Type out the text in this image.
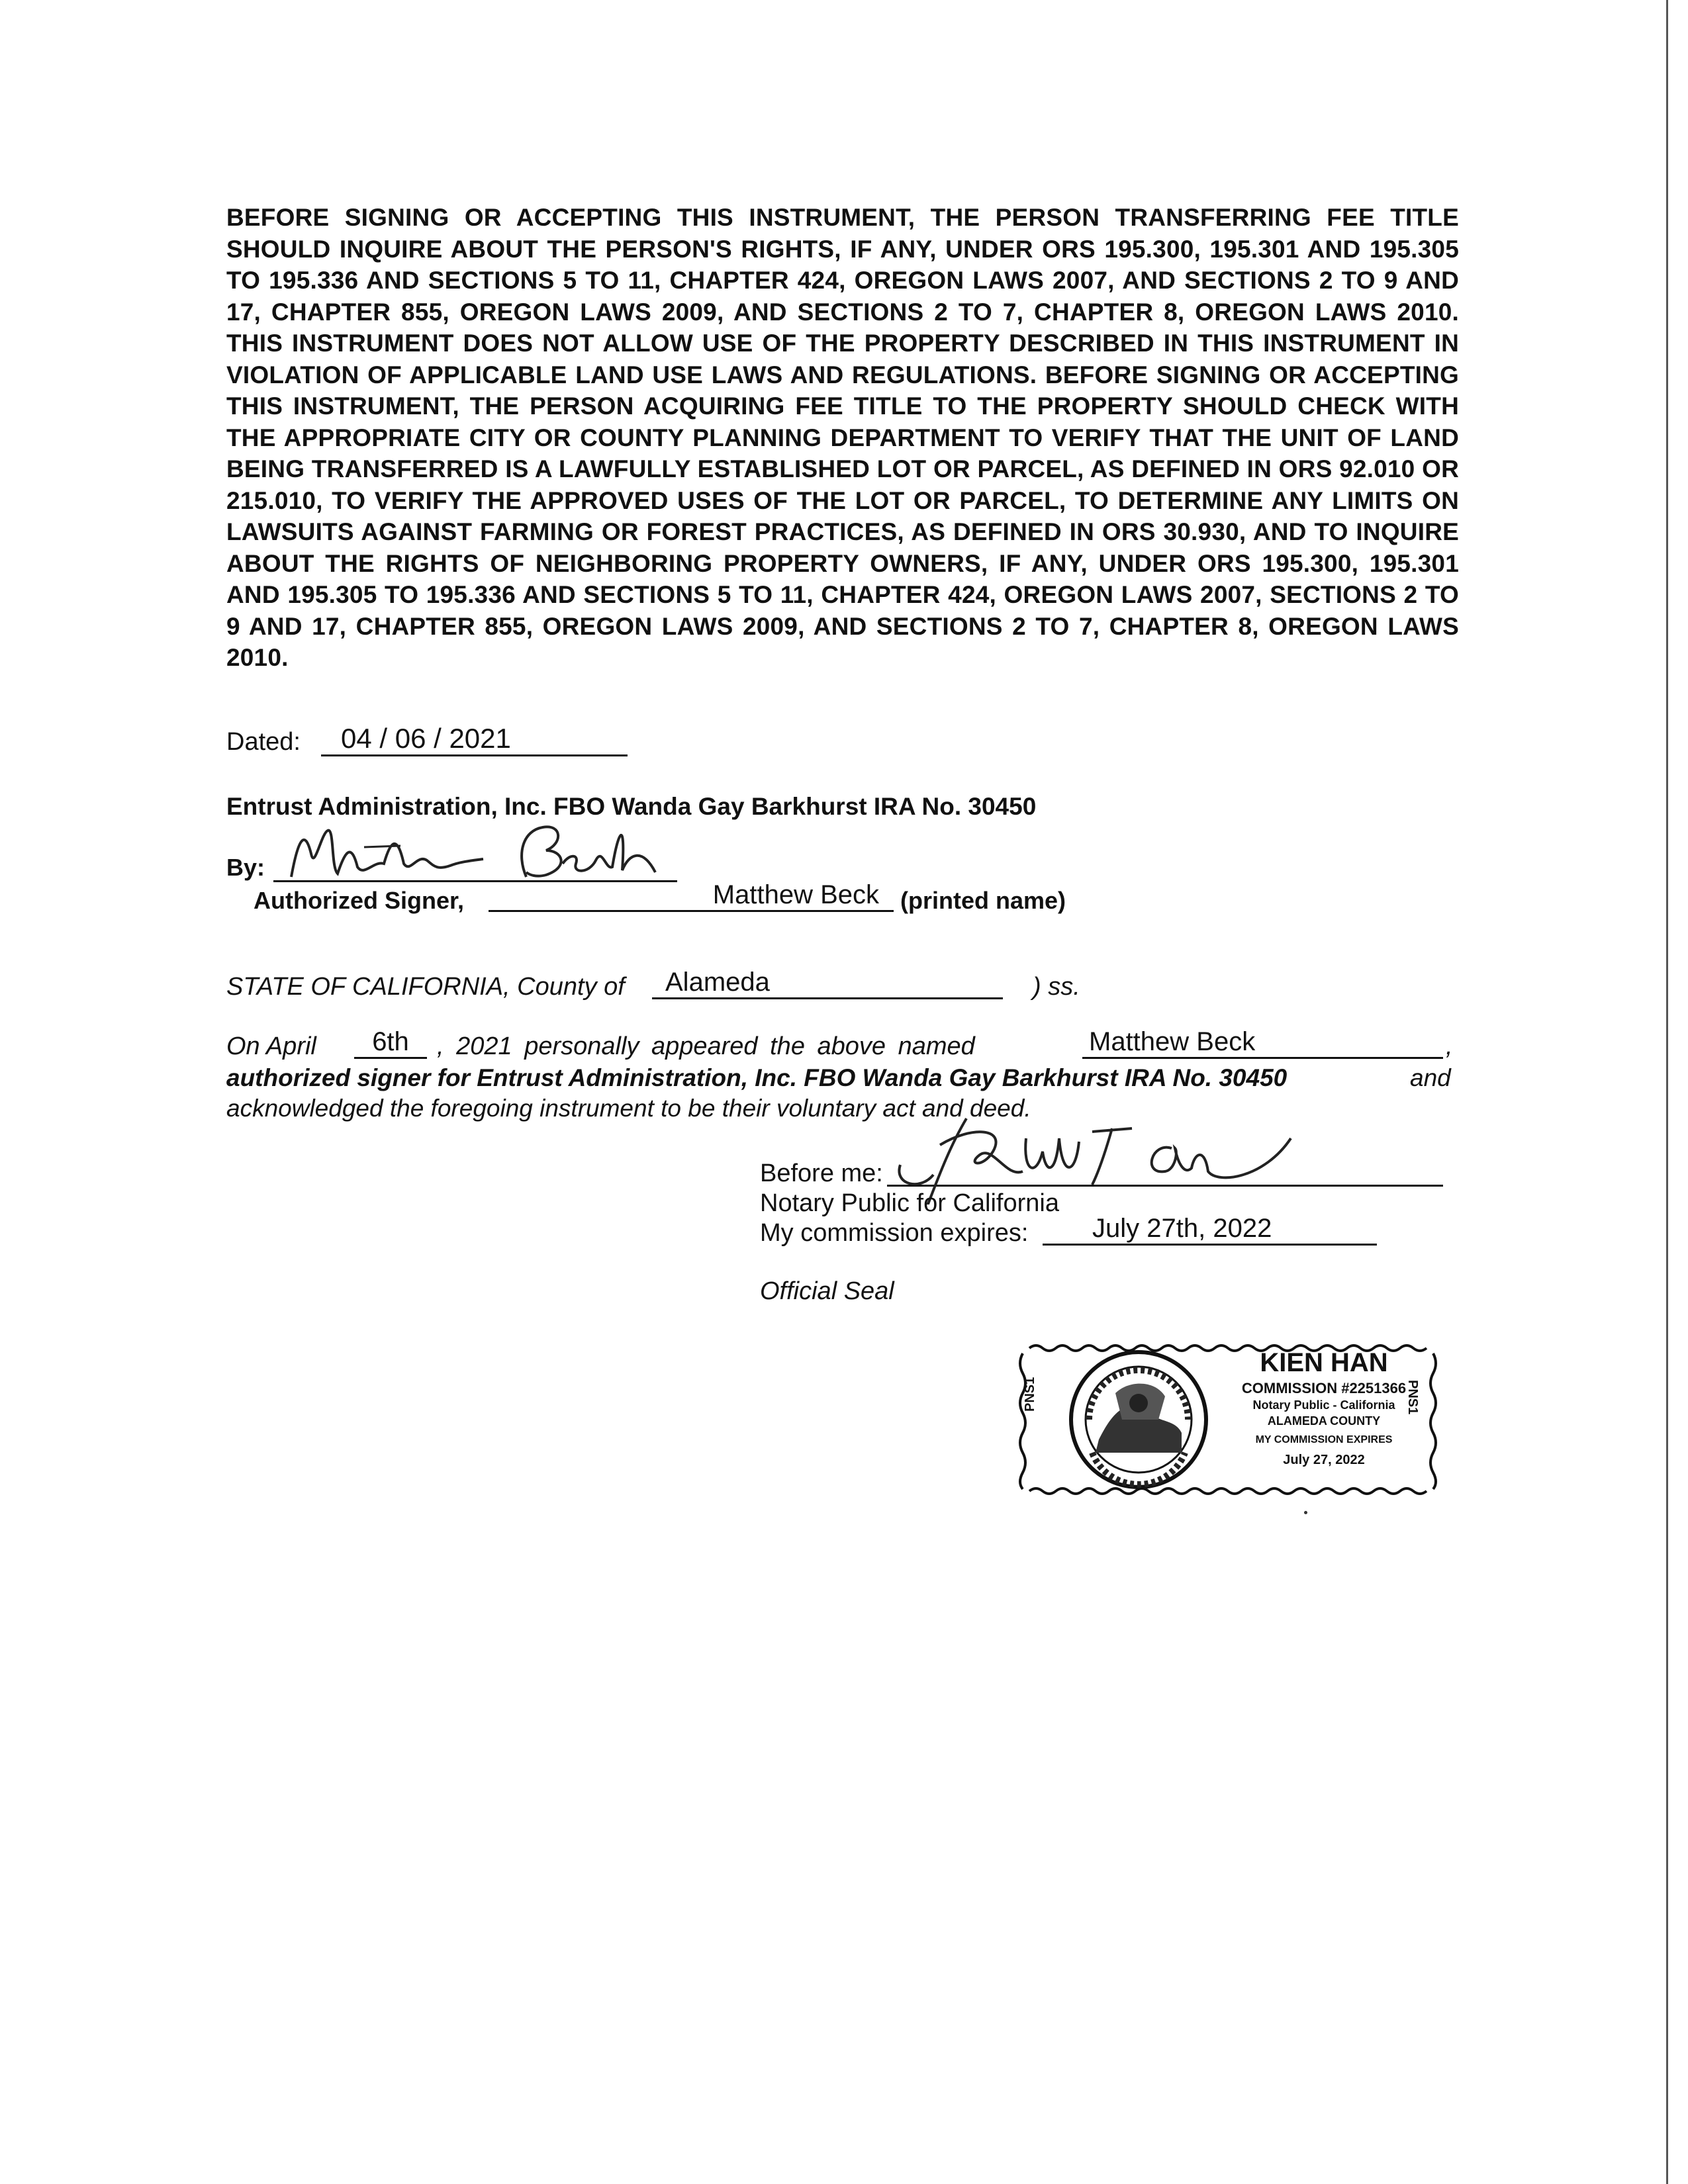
BEFORE SIGNING OR ACCEPTING THIS INSTRUMENT, THE PERSON TRANSFERRING FEE TITLE SHOULD INQUIRE ABOUT THE PERSON'S RIGHTS, IF ANY, UNDER ORS 195.300, 195.301 AND 195.305 TO 195.336 AND SECTIONS 5 TO 11, CHAPTER 424, OREGON LAWS 2007, AND SECTIONS 2 TO 9 AND 17, CHAPTER 855, OREGON LAWS 2009, AND SECTIONS 2 TO 7, CHAPTER 8, OREGON LAWS 2010. THIS INSTRUMENT DOES NOT ALLOW USE OF THE PROPERTY DESCRIBED IN THIS INSTRUMENT IN VIOLATION OF APPLICABLE LAND USE LAWS AND REGULATIONS. BEFORE SIGNING OR ACCEPTING THIS INSTRUMENT, THE PERSON ACQUIRING FEE TITLE TO THE PROPERTY SHOULD CHECK WITH THE APPROPRIATE CITY OR COUNTY PLANNING DEPARTMENT TO VERIFY THAT THE UNIT OF LAND BEING TRANSFERRED IS A LAWFULLY ESTABLISHED LOT OR PARCEL, AS DEFINED IN ORS 92.010 OR 215.010, TO VERIFY THE APPROVED USES OF THE LOT OR PARCEL, TO DETERMINE ANY LIMITS ON LAWSUITS AGAINST FARMING OR FOREST PRACTICES, AS DEFINED IN ORS 30.930, AND TO INQUIRE ABOUT THE RIGHTS OF NEIGHBORING PROPERTY OWNERS, IF ANY, UNDER ORS 195.300, 195.301 AND 195.305 TO 195.336 AND SECTIONS 5 TO 11, CHAPTER 424, OREGON LAWS 2007, SECTIONS 2 TO 9 AND 17, CHAPTER 855, OREGON LAWS 2009, AND SECTIONS 2 TO 7, CHAPTER 8, OREGON LAWS 2010.

Dated:	04 / 06 / 2021
Entrust Administration, Inc. FBO Wanda Gay Barkhurst IRA No. 30450
By:
Authorized Signer,	Matthew Beck (printed name)
STATE OF CALIFORNIA, County of	Alameda	) ss.
On April	6th	, 2021 personally appeared the above named	Matthew Beck	,
authorized signer for Entrust Administration, Inc. FBO Wanda Gay Barkhurst IRA No. 30450	and
acknowledged the foregoing instrument to be their voluntary act and deed.
Before me:
Notary Public for California
My commission expires:	July 27th, 2022
Official Seal
PNS1	PNS1
KIEN HAN
COMMISSION #2251366
Notary Public - California
ALAMEDA COUNTY
MY COMMISSION EXPIRES
July 27, 2022
